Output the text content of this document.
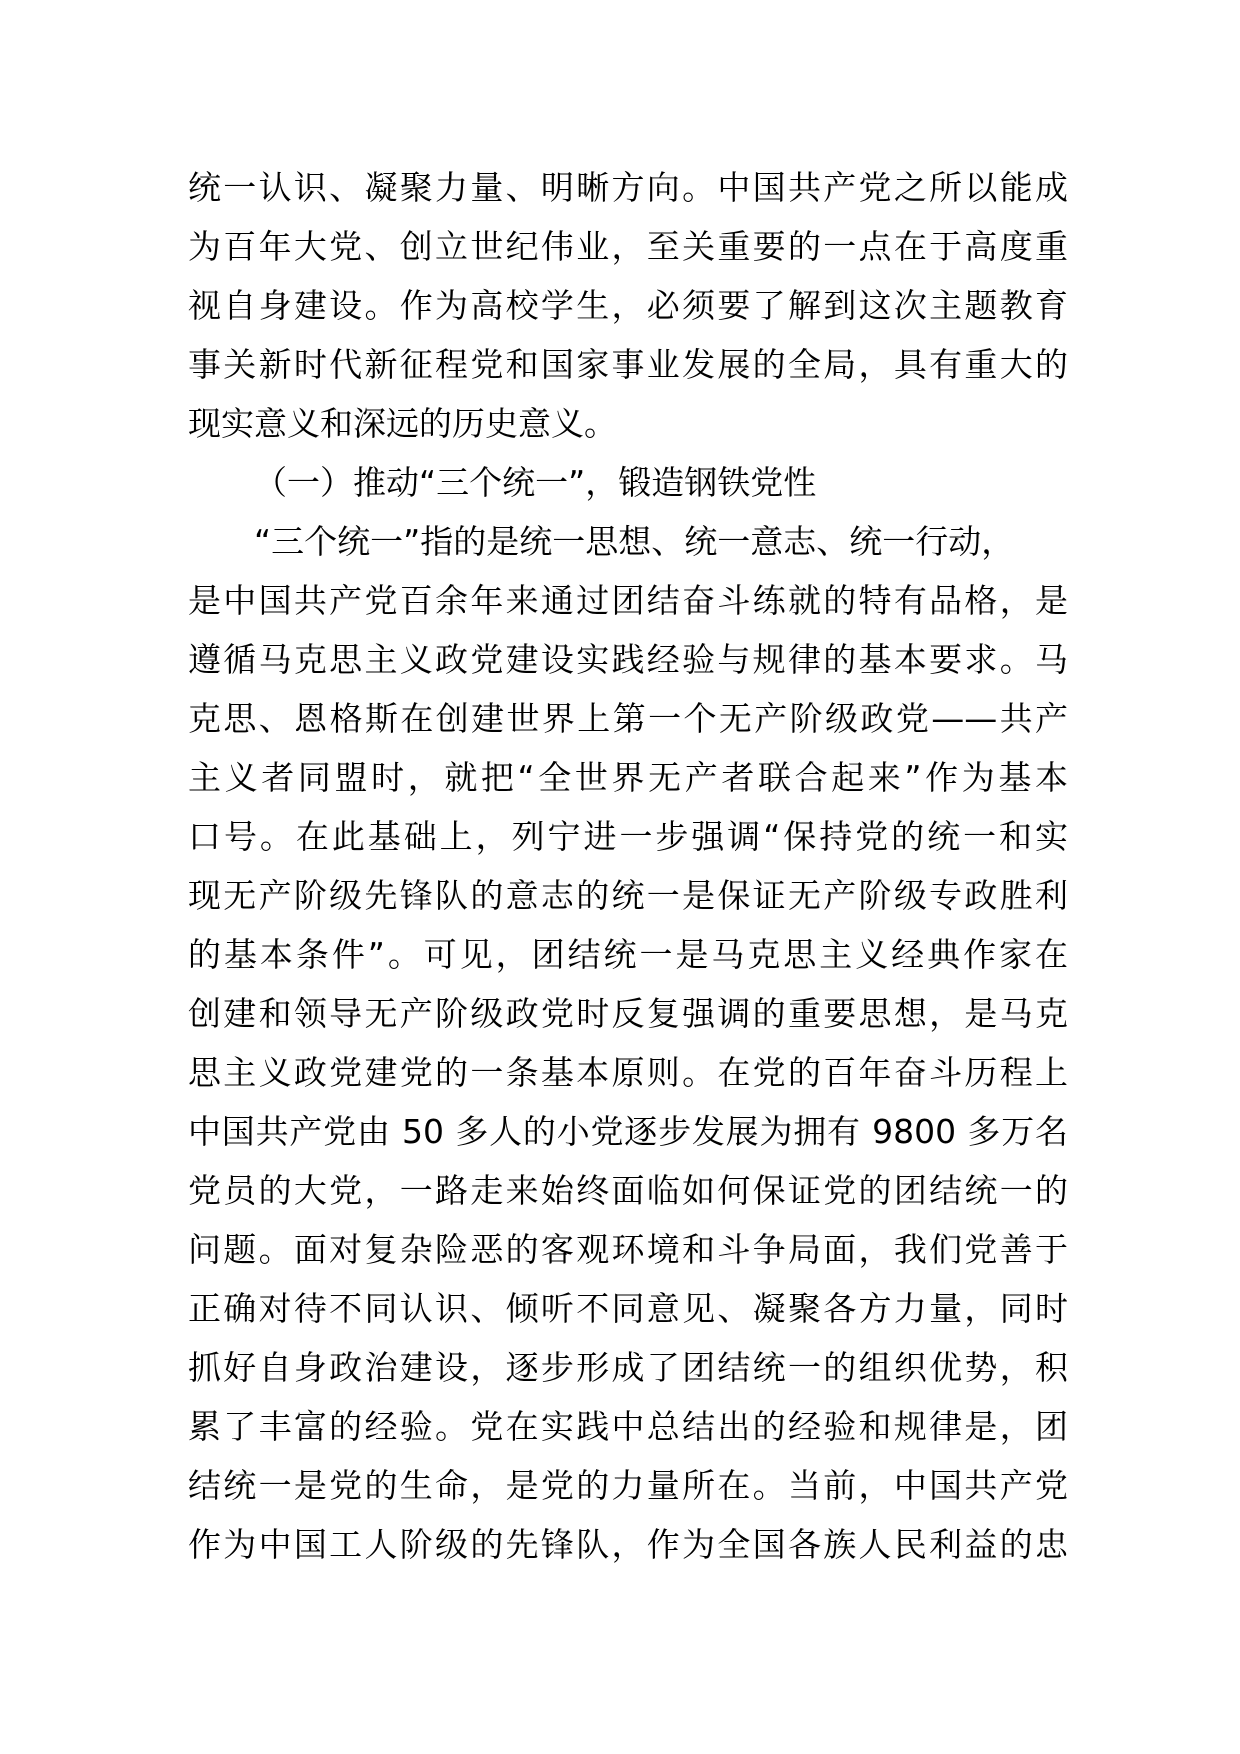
统一认识、凝聚力量、明晰方向。中国共产党之所以能成
为百年大党、创立世纪伟业，至关重要的一点在于高度重
视自身建设。作为高校学生，必须要了解到这次主题教育
事关新时代新征程党和国家事业发展的全局，具有重大的
现实意义和深远的历史意义。
（一）推动“三个统一”，锻造钢铁党性
“三个统一”指的是统一思想、统一意志、统一行动，
是中国共产党百余年来通过团结奋斗练就的特有品格，是
遵循马克思主义政党建设实践经验与规律的基本要求。马
克思、恩格斯在创建世界上第一个无产阶级政党——共产
主义者同盟时，就把“全世界无产者联合起来”作为基本
口号。在此基础上，列宁进一步强调“保持党的统一和实
现无产阶级先锋队的意志的统一是保证无产阶级专政胜利
的基本条件”。可见，团结统一是马克思主义经典作家在
创建和领导无产阶级政党时反复强调的重要思想，是马克
思主义政党建党的一条基本原则。在党的百年奋斗历程上
中国共产党由 50 多人的小党逐步发展为拥有 9800 多万名
党员的大党，一路走来始终面临如何保证党的团结统一的
问题。面对复杂险恶的客观环境和斗争局面，我们党善于
正确对待不同认识、倾听不同意见、凝聚各方力量，同时
抓好自身政治建设，逐步形成了团结统一的组织优势，积
累了丰富的经验。党在实践中总结出的经验和规律是，团
结统一是党的生命，是党的力量所在。当前，中国共产党
作为中国工人阶级的先锋队，作为全国各族人民利益的忠
